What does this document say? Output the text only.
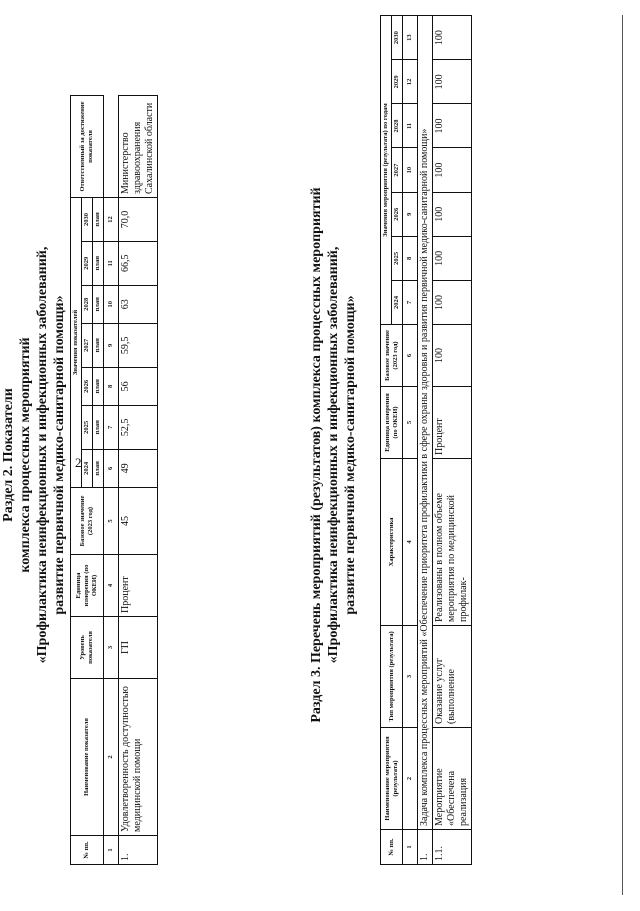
2

Раздел 2. Показатели комплекса процессных мероприятий «Профилактика неинфекционных и инфекционных заболеваний, развитие первичной медико-санитарной помощи»

№ пп.	Наименование показателя	Уровень показателя	Единица измерения (по ОКЕИ)	Базовое значение (2023 год)	Значения показателей							Ответственный за достижение показателя
					2024	2025	2026	2027	2028	2029	2030	
					план	план	план	план	план	план	план	
1	2	3	4	5	6	7	8	9	10	11	12	
1.	Удовлетворенность доступностью медицинской помощи	ГП	Процент	45	49	52,5	56	59,5	63	66,5	70,0	Министерство здравоохранения Сахалинской области

Раздел 3. Перечень мероприятий (результатов) комплекса процессных мероприятий «Профилактика неинфекционных и инфекционных заболеваний, развитие первичной медико-санитарной помощи»

№ пп.	Наименование мероприятия (результата)	Тип мероприятия (результата)	Характеристика	Единица измерения (по ОКЕИ)	Базовое значение (2023 год)	Значения мероприятия (результата) по годам						
						2024	2025	2026	2027	2028	2029	2030
1	2	3	4	5	6	7	8	9	10	11	12	13
1.	Задача комплекса процессных мероприятий «Обеспечение приоритета профилактики в сфере охраны здоровья и развития первичной медико-санитарной помощи»											
1.1.	Мероприятие «Обеспечена реализация	Оказание услуг (выполнение	Реализованы в полном объеме мероприятия по медицинской профилак-	Процент	100	100	100	100	100	100	100	100
